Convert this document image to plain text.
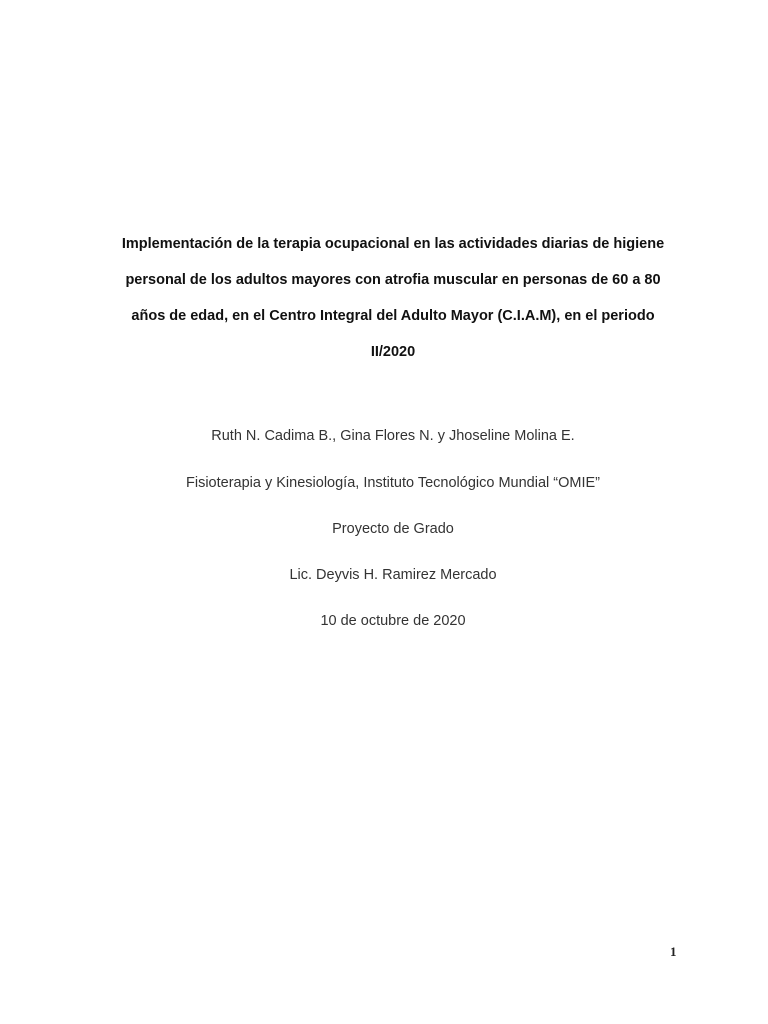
Implementación de la terapia ocupacional en las actividades diarias de higiene
personal de los adultos mayores con atrofia muscular en personas de 60 a 80
años de edad, en el Centro Integral del Adulto Mayor (C.I.A.M), en el periodo
II/2020
Ruth N. Cadima B., Gina Flores N. y Jhoseline Molina E.
Fisioterapia y Kinesiología, Instituto Tecnológico Mundial “OMIE”
Proyecto de Grado
Lic. Deyvis H. Ramirez Mercado
10 de octubre de 2020
1
